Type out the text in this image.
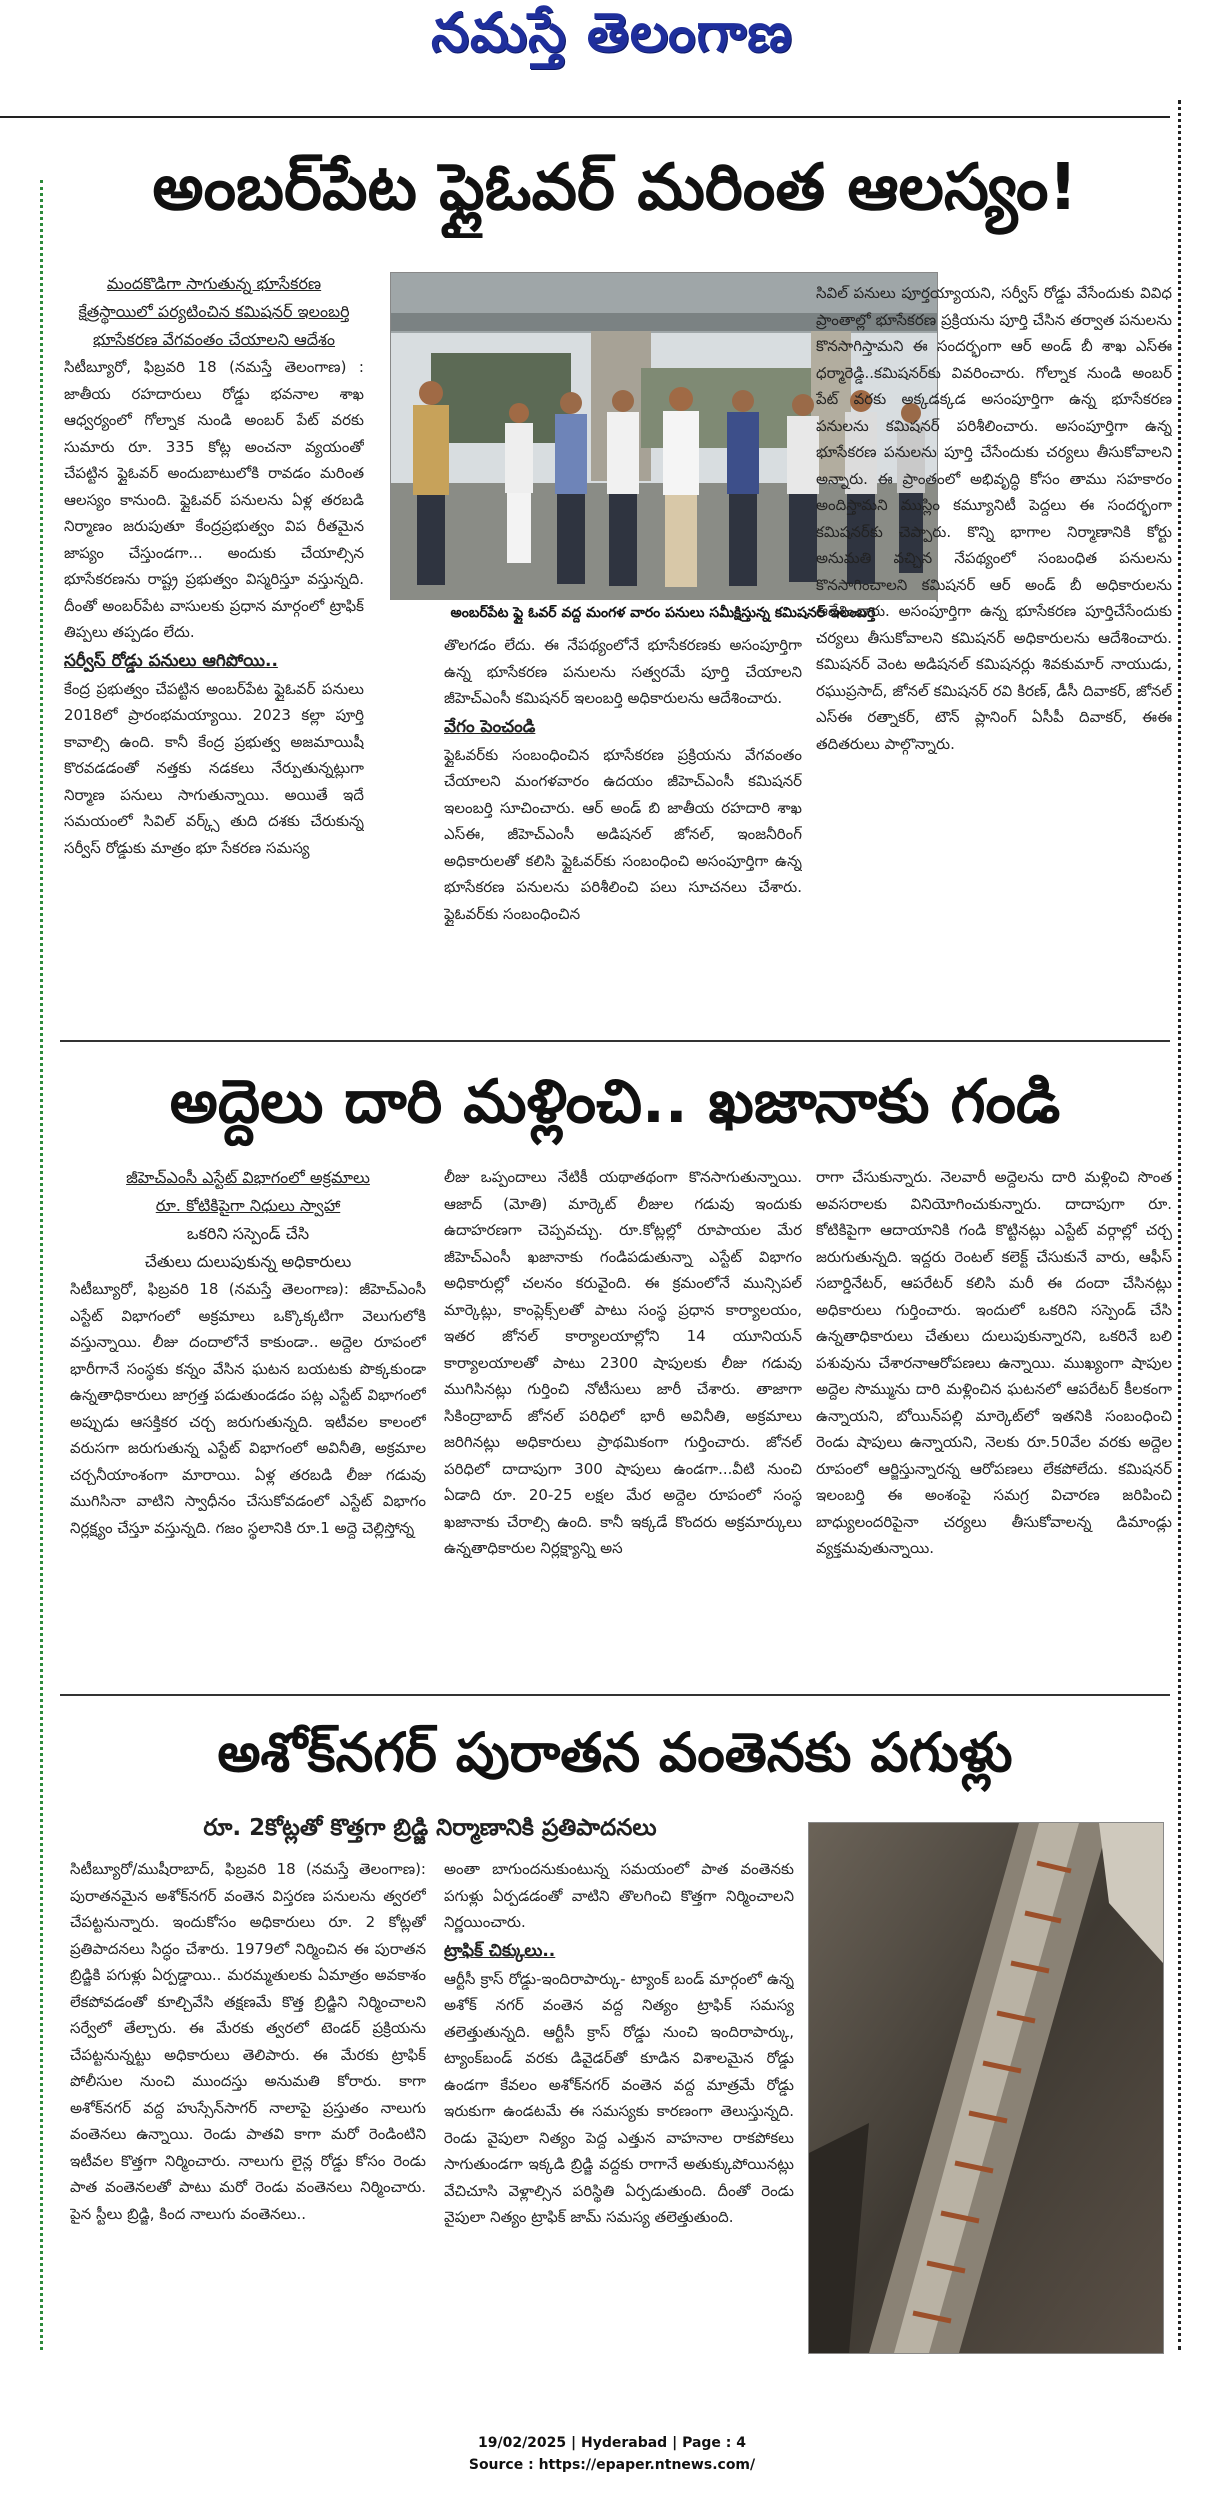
నమస్తే తెలంగాణ
అంబర్‌పేట ఫ్లైఓవర్ మరింత ఆలస్యం!

మందకొడిగా సాగుతున్న భూసేకరణ

క్షేత్రస్థాయిలో పర్యటించిన కమిషనర్ ఇలంబర్తి

భూసేకరణ వేగవంతం చేయాలని ఆదేశం

సిటీబ్యూరో, ఫిబ్రవరి 18 (నమస్తే తెలంగాణ) : జాతీయ రహదారులు రోడ్డు భవనాల శాఖ ఆధ్వర్యంలో గోల్నాక నుండి అంబర్ పేట్ వరకు సుమారు రూ. 335 కోట్ల అంచనా వ్యయంతో చేపట్టిన ఫ్లైఓవర్ అందుబాటులోకి రావడం మరింత ఆలస్యం కానుంది. ఫ్లైఓవర్ పనులను ఏళ్ల తరబడి నిర్మాణం జరుపుతూ కేంద్రప్రభుత్వం విప రీతమైన జాప్యం చేస్తుండగా... అందుకు చేయాల్సిన భూసేకరణను రాష్ట్ర ప్రభుత్వం విస్మరిస్తూ వస్తున్నది. దీంతో అంబర్‌పేట వాసులకు ప్రధాన మార్గంలో ట్రాఫిక్ తిప్పలు తప్పడం లేదు.

సర్వీస్ రోడ్డు పనులు ఆగిపోయి..

కేంద్ర ప్రభుత్వం చేపట్టిన అంబర్‌పేట ఫ్లైఓవర్ పనులు 2018లో ప్రారంభమయ్యాయి. 2023 కల్లా పూర్తి కావాల్సి ఉంది. కానీ కేంద్ర ప్రభుత్వ అజమాయిషీ కొరవడడంతో నత్తకు నడకలు నేర్పుతున్నట్లుగా నిర్మాణ పనులు సాగుతున్నాయి. అయితే ఇదే సమయంలో సివిల్ వర్క్స్ తుది దశకు చేరుకున్న సర్వీస్ రోడ్డుకు మాత్రం భూ సేకరణ సమస్య

అంబర్‌పేట ఫ్లై ఓవర్ వద్ద మంగళ వారం పనులు సమీక్షిస్తున్న కమిషనర్ ఇలంబర్తి

తొలగడం లేదు. ఈ నేపథ్యంలోనే భూసేకరణకు అసంపూర్తిగా ఉన్న భూసేకరణ పనులను సత్వరమే పూర్తి చేయాలని జీహెచ్‌ఎంసీ కమిషనర్ ఇలంబర్తి అధికారులను ఆదేశించారు.

వేగం పెంచండి

ఫ్లైఓవర్‌కు సంబంధించిన భూసేకరణ ప్రక్రియను వేగవంతం చేయాలని మంగళవారం ఉదయం జీహెచ్‌ఎంసీ కమిషనర్ ఇలంబర్తి సూచించారు. ఆర్ అండ్ బి జాతీయ రహదారి శాఖ ఎస్‌ఈ, జీహెచ్‌ఎంసీ అడిషనల్ జోనల్, ఇంజనీరింగ్ అధికారులతో కలిసి ఫ్లైఓవర్‌కు సంబంధించి అసంపూర్తిగా ఉన్న భూసేకరణ పనులను పరిశీలించి పలు సూచనలు చేశారు. ఫ్లైఓవర్‌కు సంబంధించిన

సివిల్ పనులు పూర్తయ్యాయని, సర్వీస్ రోడ్డు వేసేందుకు వివిధ ప్రాంతాల్లో భూసేకరణ ప్రక్రియను పూర్తి చేసిన తర్వాత పనులను కొనసాగిస్తామని ఈ సందర్భంగా ఆర్ అండ్ బీ శాఖ ఎస్‌ఈ ధర్మారెడ్డి..కమిషనర్‌కు వివరించారు. గోల్నాక నుండి అంబర్ పేట్ వరకు అక్కడక్కడ అసంపూర్తిగా ఉన్న భూసేకరణ పనులను కమిషనర్ పరిశీలించారు. అసంపూర్తిగా ఉన్న భూసేకరణ పనులను పూర్తి చేసేందుకు చర్యలు తీసుకోవాలని అన్నారు. ఈ ప్రాంతంలో అభివృద్ధి కోసం తాము సహకారం అందిస్తామని ముస్లిం కమ్యూనిటీ పెద్దలు ఈ సందర్భంగా కమిషనర్‌కు చెప్పారు. కొన్ని భాగాల నిర్మాణానికి కోర్టు అనుమతి వచ్చిన నేపథ్యంలో సంబంధిత పనులను కొనసాగించాలని కమిషనర్ ఆర్ అండ్ బీ అధికారులను ఆదేశించారు. అసంపూర్తిగా ఉన్న భూసేకరణ పూర్తిచేసేందుకు చర్యలు తీసుకోవాలని కమిషనర్ అధికారులను ఆదేశించారు. కమిషనర్ వెంట అడిషనల్ కమిషనర్లు శివకుమార్ నాయుడు, రఘుప్రసాద్, జోనల్ కమిషనర్ రవి కిరణ్, డీసీ దివాకర్, జోనల్ ఎస్‌ఈ రత్నాకర్, టౌన్ ప్లానింగ్ ఏసీపీ దివాకర్, ఈఈ తదితరులు పాల్గొన్నారు.

అద్దెలు దారి మళ్లించి.. ఖజానాకు గండి

జీహెచ్‌ఎంసీ ఎస్టేట్ విభాగంలో అక్రమాలు

రూ. కోటికిపైగా నిధులు స్వాహా

ఒకరిని సస్పెండ్ చేసి

చేతులు దులుపుకున్న అధికారులు

సిటీబ్యూరో, ఫిబ్రవరి 18 (నమస్తే తెలంగాణ): జీహెచ్‌ఎంసీ ఎస్టేట్ విభాగంలో అక్రమాలు ఒక్కొక్కటిగా వెలుగులోకి వస్తున్నాయి. లీజు దందాలోనే కాకుండా.. అద్దెల రూపంలో భారీగానే సంస్థకు కన్నం వేసిన ఘటన బయటకు పొక్కకుండా ఉన్నతాధికారులు జాగ్రత్త పడుతుండడం పట్ల ఎస్టేట్ విభాగంలో అప్పుడు ఆసక్తికర చర్చ జరుగుతున్నది. ఇటీవల కాలంలో వరుసగా జరుగుతున్న ఎస్టేట్ విభాగంలో అవినీతి, అక్రమాల చర్చనీయాంశంగా మారాయి. ఏళ్ల తరబడి లీజు గడువు ముగిసినా వాటిని స్వాధీనం చేసుకోవడంలో ఎస్టేట్ విభాగం నిర్లక్ష్యం చేస్తూ వస్తున్నది. గజం స్థలానికి రూ.1 అద్దె చెల్లిస్తోన్న

లీజు ఒప్పందాలు నేటికీ యథాతథంగా కొనసాగుతున్నాయి. ఆజాద్ (మోతి) మార్కెట్ లీజుల గడువు ఇందుకు ఉదాహరణగా చెప్పవచ్చు. రూ.కోట్లల్లో రూపాయల మేర జీహెచ్‌ఎంసీ ఖజానాకు గండిపడుతున్నా ఎస్టేట్ విభాగం అధికారుల్లో చలనం కరువైంది. ఈ క్రమంలోనే మున్సిపల్ మార్కెట్లు, కాంప్లెక్స్‌లతో పాటు సంస్థ ప్రధాన కార్యాలయం, ఇతర జోనల్ కార్యాలయాల్లోని 14 యూనియన్ కార్యాలయాలతో పాటు 2300 షాపులకు లీజు గడువు ముగిసినట్లు గుర్తించి నోటీసులు జారీ చేశారు. తాజాగా సికింద్రాబాద్ జోనల్ పరిధిలో భారీ అవినీతి, అక్రమాలు జరిగినట్లు అధికారులు ప్రాథమికంగా గుర్తించారు. జోనల్ పరిధిలో దాదాపుగా 300 షాపులు ఉండగా...వీటి నుంచి ఏడాది రూ. 20-25 లక్షల మేర అద్దెల రూపంలో సంస్థ ఖజానాకు చేరాల్సి ఉంది. కానీ ఇక్కడే కొందరు అక్రమార్కులు ఉన్నతాధికారుల నిర్లక్ష్యాన్ని అస

రాగా చేసుకున్నారు. నెలవారీ అద్దెలను దారి మళ్లించి సొంత అవసరాలకు వినియోగించుకున్నారు. దాదాపుగా రూ. కోటికిపైగా ఆదాయానికి గండి కొట్టినట్లు ఎస్టేట్ వర్గాల్లో చర్చ జరుగుతున్నది. ఇద్దరు రెంటల్ కలెక్ట్ చేసుకునే వారు, ఆఫీస్ సబార్డినేటర్, ఆపరేటర్ కలిసి మరీ ఈ దందా చేసినట్లు అధికారులు గుర్తించారు. ఇందులో ఒకరిని సస్పెండ్ చేసి ఉన్నతాధికారులు చేతులు దులుపుకున్నారని, ఒకరినే బలి పశువును చేశారనాఆరోపణలు ఉన్నాయి. ముఖ్యంగా షాపుల అద్దెల సొమ్మును దారి మళ్లించిన ఘటనలో ఆపరేటర్ కీలకంగా ఉన్నాయని, బోయిన్‌పల్లి మార్కెట్‌లో ఇతనికి సంబంధించి రెండు షాపులు ఉన్నాయని, నెలకు రూ.50వేల వరకు అద్దెల రూపంలో ఆర్జిస్తున్నారన్న ఆరోపణలు లేకపోలేదు. కమిషనర్ ఇలంబర్తి ఈ అంశంపై సమగ్ర విచారణ జరిపించి బాధ్యులందరిపైనా చర్యలు తీసుకోవాలన్న డిమాండ్లు వ్యక్తమవుతున్నాయి.

అశోక్‌నగర్ పురాతన వంతెనకు పగుళ్లు
రూ. 2కోట్లతో కొత్తగా బ్రిడ్జి నిర్మాణానికి ప్రతిపాదనలు

సిటీబ్యూరో/ముషీరాబాద్, ఫిబ్రవరి 18 (నమస్తే తెలంగాణ): పురాతనమైన అశోక్‌నగర్ వంతెన విస్తరణ పనులను త్వరలో చేపట్టనున్నారు. ఇందుకోసం అధికారులు రూ. 2 కోట్లతో ప్రతిపాదనలు సిద్ధం చేశారు. 1979లో నిర్మించిన ఈ పురాతన బ్రిడ్జికి పగుళ్లు ఏర్పడ్డాయి.. మరమ్మతులకు ఏమాత్రం అవకాశం లేకపోవడంతో కూల్చివేసి తక్షణమే కొత్త బ్రిడ్జిని నిర్మించాలని సర్వేలో తేల్చారు. ఈ మేరకు త్వరలో టెండర్ ప్రక్రియను చేపట్టనున్నట్టు అధికారులు తెలిపారు. ఈ మేరకు ట్రాఫిక్ పోలీసుల నుంచి ముందస్తు అనుమతి కోరారు. కాగా అశోక్‌నగర్ వద్ద హుస్సేన్‌సాగర్ నాలాపై ప్రస్తుతం నాలుగు వంతెనలు ఉన్నాయి. రెండు పాతవి కాగా మరో రెండింటిని ఇటీవల కొత్తగా నిర్మించారు. నాలుగు లైన్ల రోడ్డు కోసం రెండు పాత వంతెనలతో పాటు మరో రెండు వంతెనలు నిర్మించారు. పైన స్టీలు బ్రిడ్జి, కింద నాలుగు వంతెనలు..

అంతా బాగుందనుకుంటున్న సమయంలో పాత వంతెనకు పగుళ్లు ఏర్పడడంతో వాటిని తొలగించి కొత్తగా నిర్మించాలని నిర్ణయించారు.

ట్రాఫిక్ చిక్కులు..

ఆర్టీసీ క్రాస్ రోడ్డు-ఇందిరాపార్కు- ట్యాంక్ బండ్ మార్గంలో ఉన్న అశోక్ నగర్ వంతెన వద్ద నిత్యం ట్రాఫిక్ సమస్య తలెత్తుతున్నది. ఆర్టీసీ క్రాస్ రోడ్డు నుంచి ఇందిరాపార్కు, ట్యాంక్‌బండ్ వరకు డివైడర్‌తో కూడిన విశాలమైన రోడ్డు ఉండగా కేవలం అశోక్‌నగర్ వంతెన వద్ద మాత్రమే రోడ్డు ఇరుకుగా ఉండటమే ఈ సమస్యకు కారణంగా తెలుస్తున్నది. రెండు వైపులా నిత్యం పెద్ద ఎత్తున వాహనాల రాకపోకలు సాగుతుండగా ఇక్కడి బ్రిడ్జి వద్దకు రాగానే అతుక్కుపోయినట్లు వేచిచూసి వెళ్లాల్సిన పరిస్థితి ఏర్పడుతుంది. దీంతో రెండు వైపులా నిత్యం ట్రాఫిక్ జామ్ సమస్య తలెత్తుతుంది.

19/02/2025 | Hyderabad | Page : 4
Source : https://epaper.ntnews.com/
